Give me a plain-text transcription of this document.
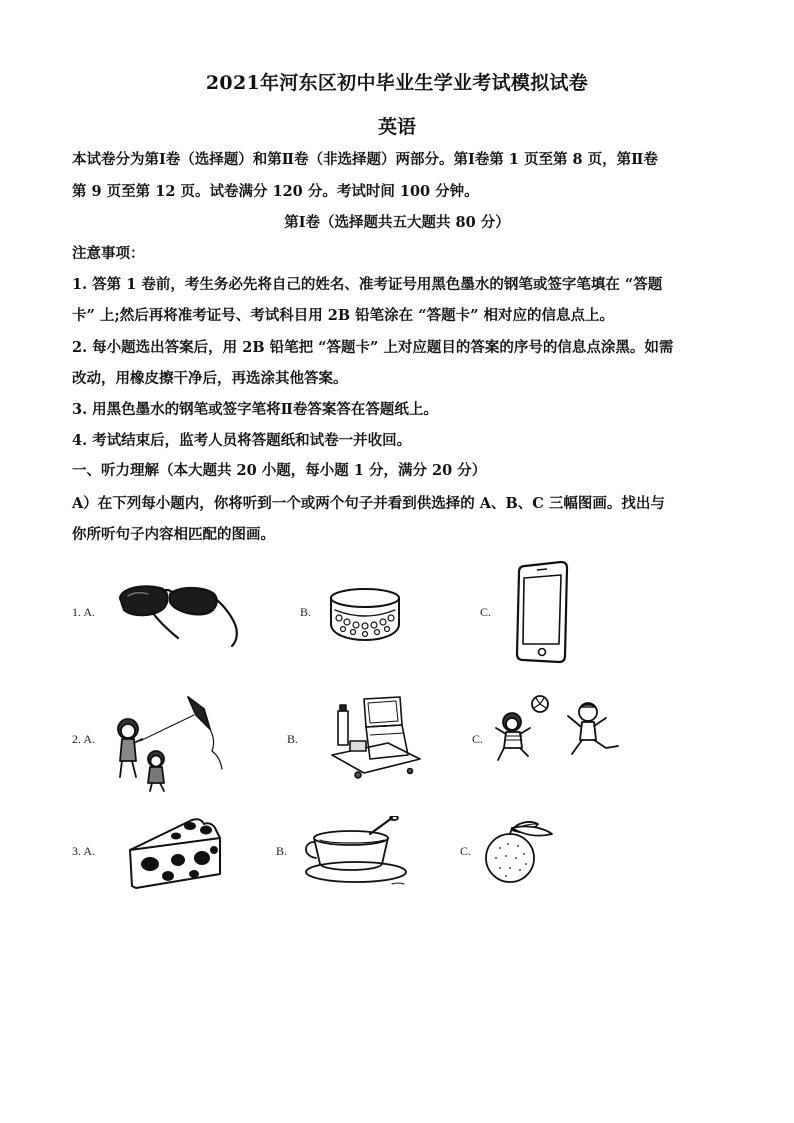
2021年河东区初中毕业生学业考试模拟试卷
英语
本试卷分为第Ⅰ卷（选择题）和第Ⅱ卷（非选择题）两部分。第Ⅰ卷第 1 页至第 8 页，第Ⅱ卷
第 9 页至第 12 页。试卷满分 120 分。考试时间 100 分钟。
第Ⅰ卷（选择题共五大题共 80 分）
注意事项：
1. 答第 1 卷前，考生务必先将自己的姓名、准考证号用黑色墨水的钢笔或签字笔填在 “答题
卡” 上;然后再将准考证号、考试科目用 2B 铅笔涂在 “答题卡” 相对应的信息点上。
2. 每小题选出答案后，用 2B 铅笔把 “答题卡” 上对应题目的答案的序号的信息点涂黑。如需
改动，用橡皮擦干净后，再选涂其他答案。
3. 用黑色墨水的钢笔或签字笔将Ⅱ卷答案答在答题纸上。
4. 考试结束后，监考人员将答题纸和试卷一并收回。
一、听力理解（本大题共 20 小题，每小题 1 分，满分 20 分）
A）在下列每小题内，你将听到一个或两个句子并看到供选择的 A、B、C 三幅图画。找出与
你所听句子内容相匹配的图画。
1. A.	B.	C.
2. A.	B.	C.
3. A.	B.	C.
